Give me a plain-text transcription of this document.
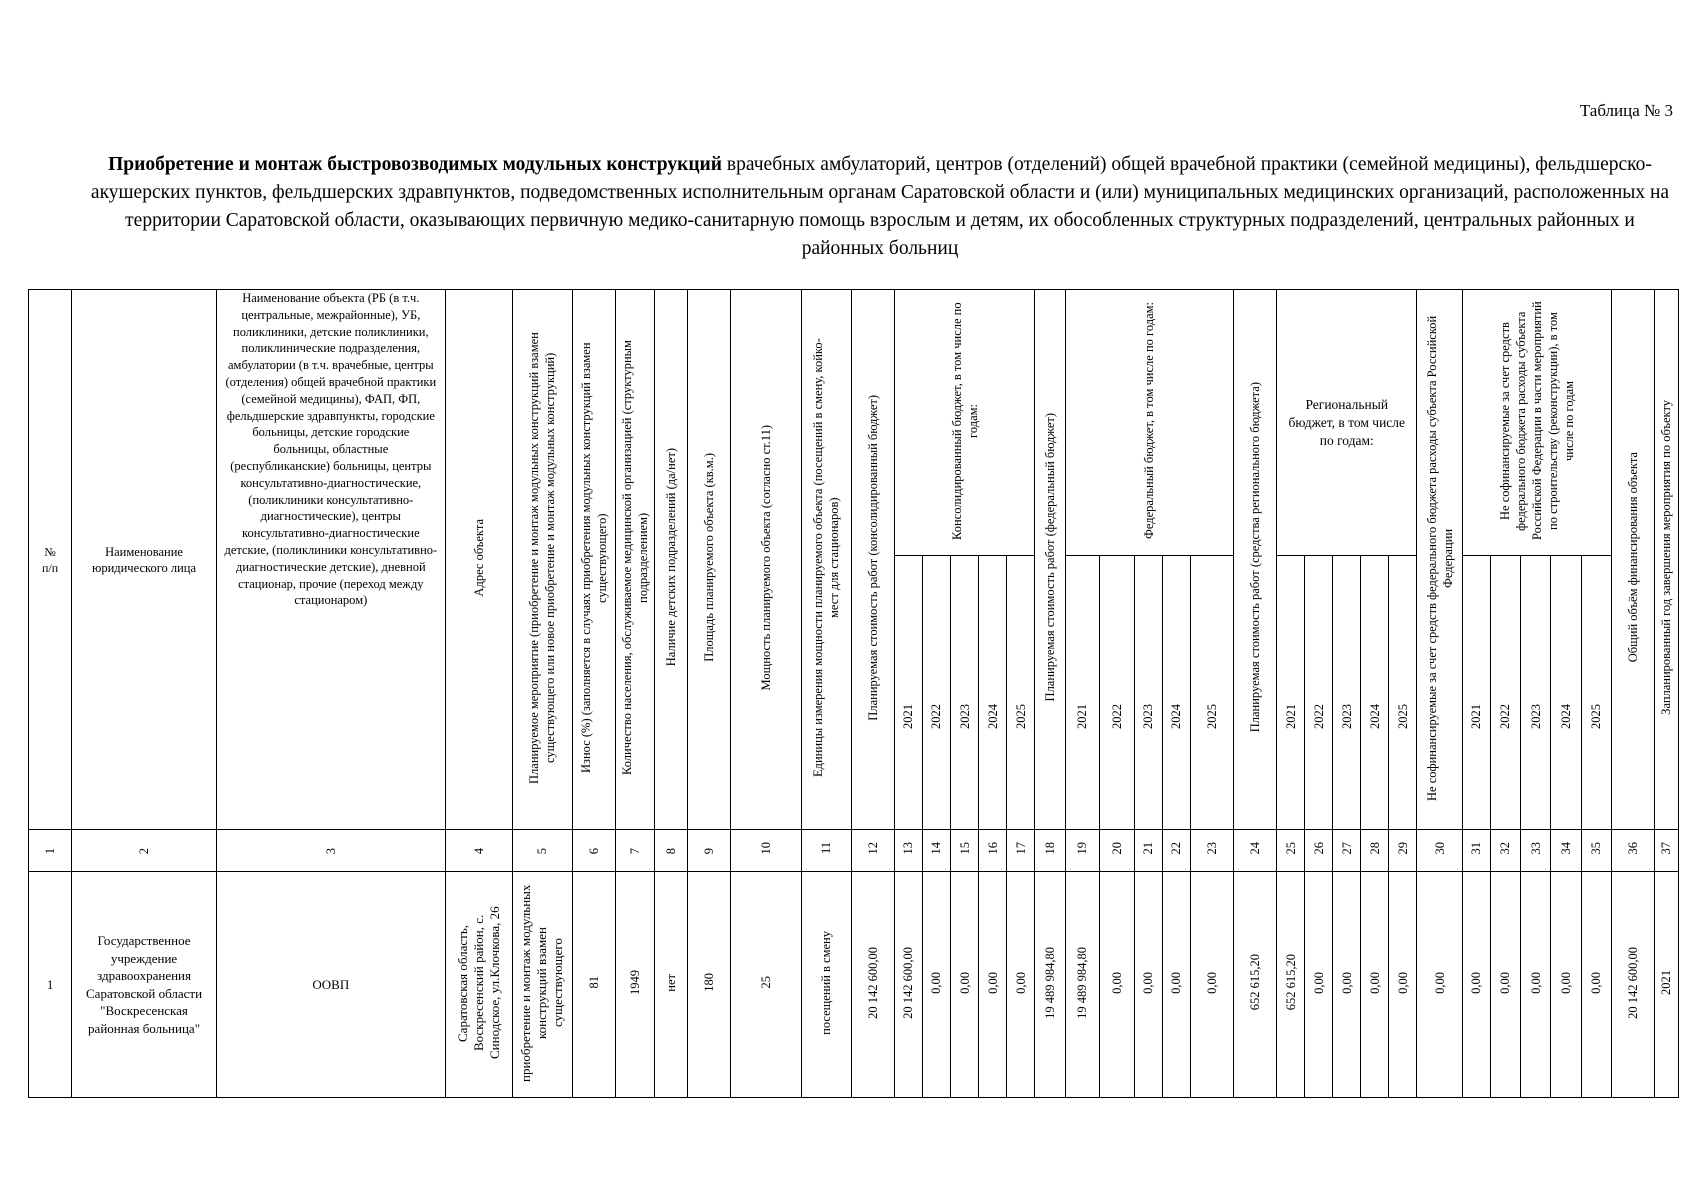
Таблица № 3
Приобретение и монтаж быстровозводимых модульных конструкций врачебных амбулаторий, центров (отделений) общей врачебной практики (семейной медицины), фельдшерско-акушерских пунктов, фельдшерских здравпунктов, подведомственных исполнительным органам Саратовской области и (или) муниципальных медицинских организаций, расположенных на территории Саратовской области, оказывающих первичную медико-санитарную помощь взрослым и детям, их обособленных структурных подразделений, центральных районных и районных больниц
№ п/п	Наименование юридического лица	Наименование объекта (РБ (в т.ч. центральные, межрайонные), УБ, поликлиники, детские поликлиники, поликлинические подразделения, амбулатории (в т.ч. врачебные, центры (отделения) общей врачебной практики (семейной медицины), ФАП, ФП, фельдшерские здравпункты, городские больницы, детские городские больницы, областные (республиканские) больницы, центры консультативно-диагностические, (поликлиники консультативно-диагностические), центры консультативно-диагностические детские, (поликлиники консультативно-диагностические детские), дневной стационар, прочие (переход между стационаром)	Адрес объекта	Планируемое мероприятие (приобретение и монтаж модульных конструкций взамен существующего или новое приобретение и монтаж модульных конструкций)	Износ (%) (заполняется в случаях приобретения модульных конструкций взамен существующего)	Количество населения, обслуживаемое медицинской организацией (структурным подразделением)	Наличие детских подразделений (да/нет)	Площадь планируемого объекта (кв.м.)	Мощность планируемого объекта (согласно ст.11)	Единицы измерения мощности планируемого объекта (посещений в смену, койко-мест для стационаров)	Планируемая стоимость работ (консолидированный бюджет)	Консолидированный бюджет, в том числе по годам:					Планируемая стоимость работ (федеральный бюджет)	Федеральный бюджет, в том числе по годам:					Планируемая стоимость работ (средства регионального бюджета)	Региональный бюджет, в том числе по годам:					Не софинансируемые за счет средств федерального бюджета расходы субъекта Российской Федерации	Не софинансируемые за счет средств федерального бюджета расходы субъекта Российской Федерации в части мероприятий по строительству (реконструкции), в том числе по годам					Общий объём финансирования объекта	Запланированный год завершения мероприятия по объекту
												2021	2022	2023	2024	2025		2021	2022	2023	2024	2025		2021	2022	2023	2024	2025		2021	2022	2023	2024	2025		
1	2	3	4	5	6	7	8	9	10	11	12	13	14	15	16	17	18	19	20	21	22	23	24	25	26	27	28	29	30	31	32	33	34	35	36	37
1	Государственное учреждение здравоохранения Саратовской области "Воскресенская районная больница"	ООВП	Саратовская область, Воскресенский район, с. Синодское, ул.Клочкова, 26	приобретение и монтаж модульных конструкций взамен существующего	81	1949	нет	180	25	посещений в смену	20 142 600,00	20 142 600,00	0,00	0,00	0,00	0,00	19 489 984,80	19 489 984,80	0,00	0,00	0,00	0,00	652 615,20	652 615,20	0,00	0,00	0,00	0,00	0,00	0,00	0,00	0,00	0,00	0,00	20 142 600,00	2021
